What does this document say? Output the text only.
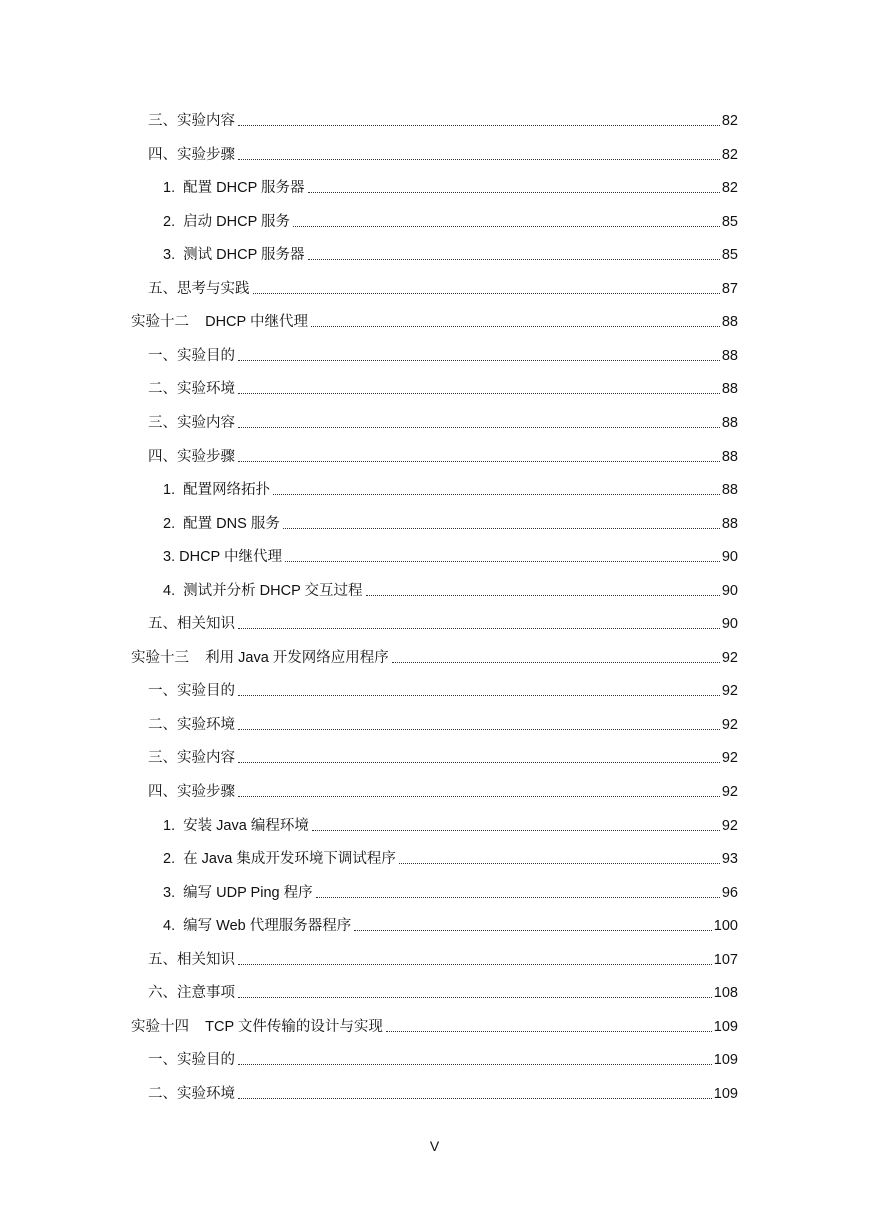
三、实验内容	82
四、实验步骤	82
1.  配置 DHCP 服务器	82
2.  启动 DHCP 服务	85
3.  测试 DHCP 服务器	85
五、思考与实践	87
实验十二    DHCP 中继代理	88
一、实验目的	88
二、实验环境	88
三、实验内容	88
四、实验步骤	88
1.  配置网络拓扑	88
2.  配置 DNS 服务	88
3. DHCP 中继代理	90
4.  测试并分析 DHCP 交互过程	90
五、相关知识	90
实验十三    利用 Java 开发网络应用程序	92
一、实验目的	92
二、实验环境	92
三、实验内容	92
四、实验步骤	92
1.  安装 Java 编程环境	92
2.  在 Java 集成开发环境下调试程序	93
3.  编写 UDP Ping 程序	96
4.  编写 Web 代理服务器程序	100
五、相关知识	107
六、注意事项	108
实验十四    TCP 文件传输的设计与实现	109
一、实验目的	109
二、实验环境	109
V
